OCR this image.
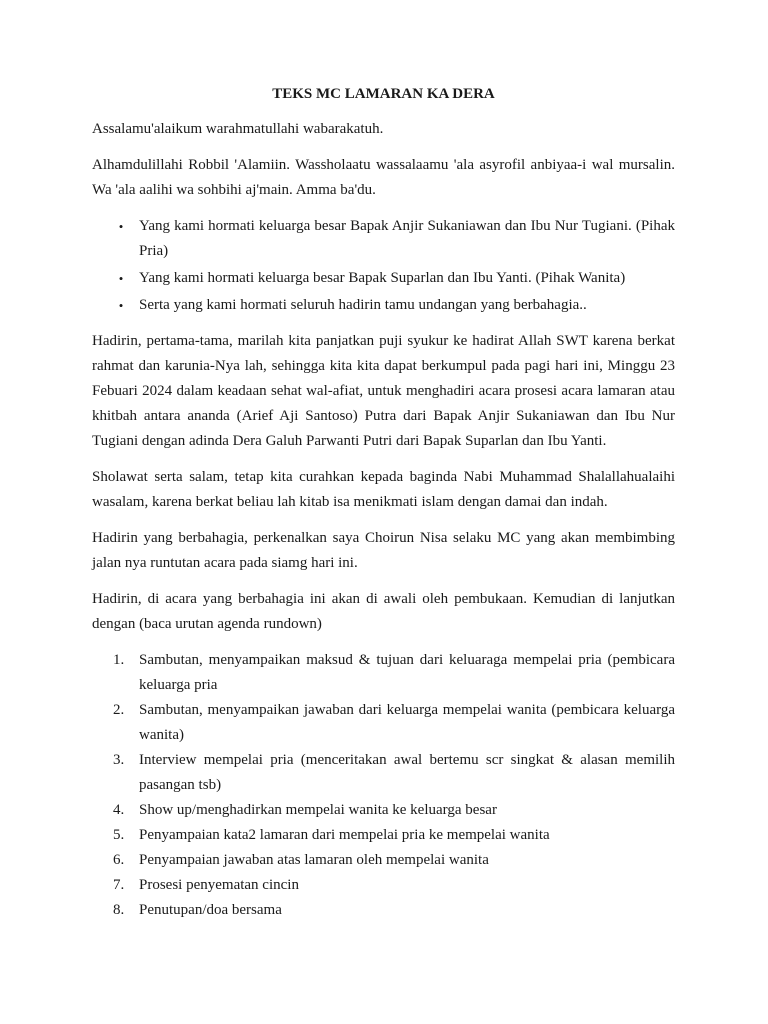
TEKS MC LAMARAN KA DERA

Assalamu'alaikum warahmatullahi wabarakatuh.

Alhamdulillahi Robbil 'Alamiin. Wassholaatu wassalaamu 'ala asyrofil anbiyaa-i wal mursalin. Wa 'ala aalihi wa sohbihi aj'main. Amma ba'du.

• Yang kami hormati keluarga besar Bapak Anjir Sukaniawan dan Ibu Nur Tugiani. (Pihak Pria)
• Yang kami hormati keluarga besar Bapak Suparlan dan Ibu Yanti. (Pihak Wanita)
• Serta yang kami hormati seluruh hadirin tamu undangan yang berbahagia..

Hadirin, pertama-tama, marilah kita panjatkan puji syukur ke hadirat Allah SWT karena berkat rahmat dan karunia-Nya lah, sehingga kita kita dapat berkumpul pada pagi hari ini, Minggu 23 Febuari 2024 dalam keadaan sehat wal-afiat, untuk menghadiri acara prosesi acara lamaran atau khitbah antara ananda (Arief Aji Santoso) Putra dari Bapak Anjir Sukaniawan dan Ibu Nur Tugiani dengan adinda Dera Galuh Parwanti Putri dari Bapak Suparlan dan Ibu Yanti.

Sholawat serta salam, tetap kita curahkan kepada baginda Nabi Muhammad Shalallahualaihi wasalam, karena berkat beliau lah kitab isa menikmati islam dengan damai dan indah.

Hadirin yang berbahagia, perkenalkan saya Choirun Nisa selaku MC yang akan membimbing jalan nya runtutan acara pada siamg hari ini.

Hadirin, di acara yang berbahagia ini akan di awali oleh pembukaan. Kemudian di lanjutkan dengan (baca urutan agenda rundown)

1. Sambutan, menyampaikan maksud & tujuan dari keluaraga mempelai pria (pembicara keluarga pria
2. Sambutan, menyampaikan jawaban dari keluarga mempelai wanita (pembicara keluarga wanita)
3. Interview mempelai pria (menceritakan awal bertemu scr singkat & alasan memilih pasangan tsb)
4. Show up/menghadirkan mempelai wanita ke keluarga besar
5. Penyampaian kata2 lamaran dari mempelai pria ke mempelai wanita
6. Penyampaian jawaban atas lamaran oleh mempelai wanita
7. Prosesi penyematan cincin
8. Penutupan/doa bersama
